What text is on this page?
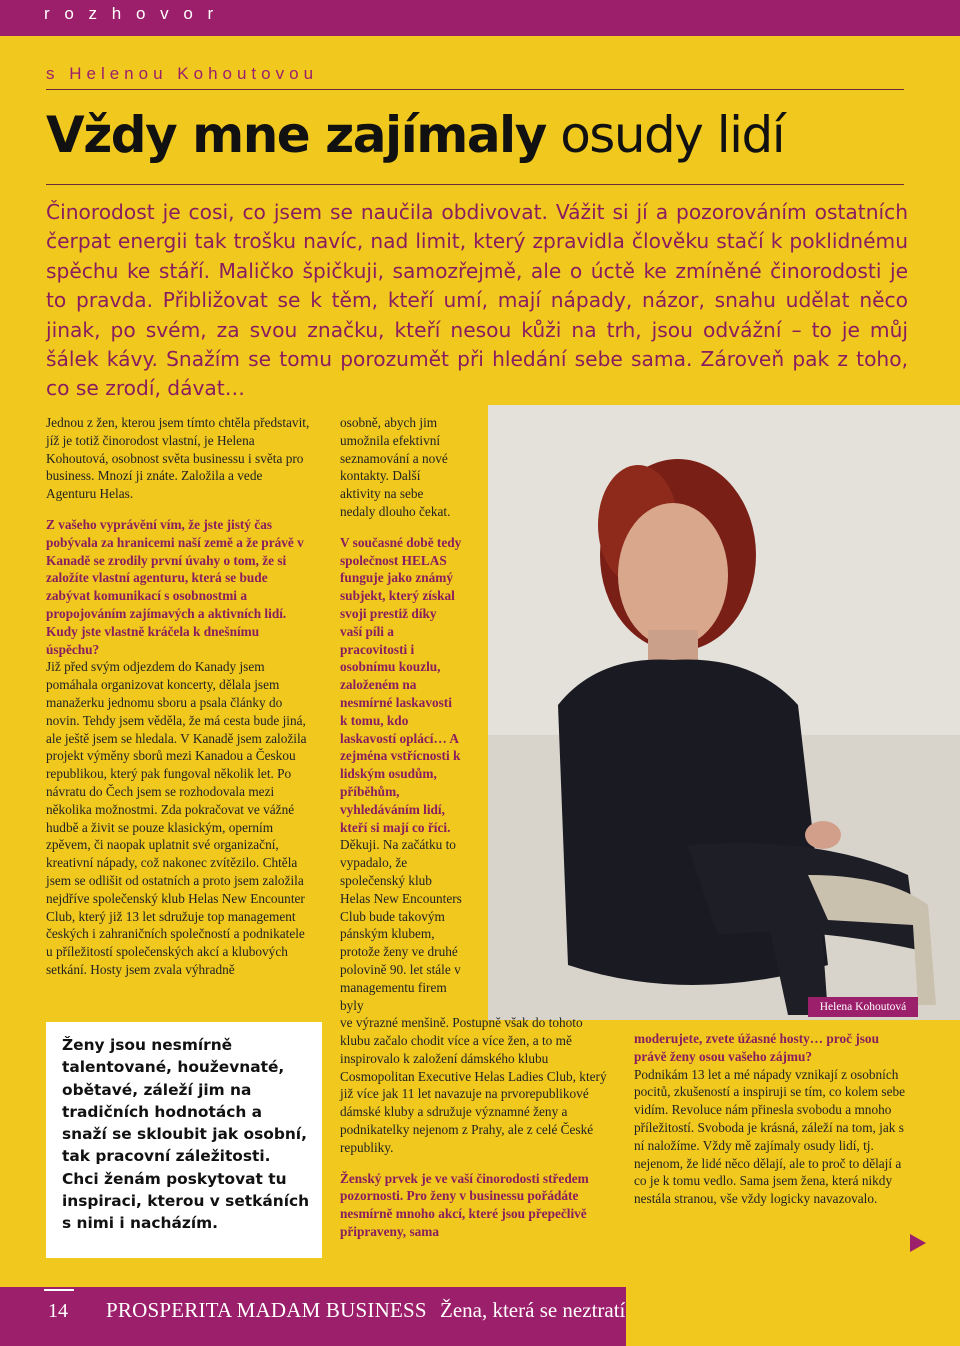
r o z h o v o r
s Helenou Kohoutovou
Vždy mne zajímaly osudy lidí
Činorodost je cosi, co jsem se naučila obdivovat. Vážit si jí a pozorováním ostatních čerpat energii tak trošku navíc, nad limit, který zpravidla člověku stačí k poklidnému spěchu ke stáří. Maličko špičkuji, samozřejmě, ale o úctě ke zmíněné činorodosti je to pravda. Přibližovat se k těm, kteří umí, mají nápady, názor, snahu udělat něco jinak, po svém, za svou značku, kteří nesou kůži na trh, jsou odvážní – to je můj šálek kávy. Snažím se tomu porozumět při hledání sebe sama. Zároveň pak z toho, co se zrodí, dávat…

Jednou z žen, kterou jsem tímto chtěla představit, jíž je totiž činorodost vlastní, je Helena Kohoutová, osobnost světa businessu i světa pro business. Mnozí ji znáte. Založila a vede Agenturu Helas.

Z vašeho vyprávění vím, že jste jistý čas pobývala za hranicemi naší země a že právě v Kanadě se zrodily první úvahy o tom, že si založíte vlastní agenturu, která se bude zabývat komunikací s osobnostmi a propojováním zajímavých a aktivních lidí. Kudy jste vlastně kráčela k dnešnímu úspěchu?

Již před svým odjezdem do Kanady jsem pomáhala organizovat koncerty, dělala jsem manažerku jednomu sboru a psala články do novin. Tehdy jsem věděla, že má cesta bude jiná, ale ještě jsem se hledala. V Kanadě jsem založila projekt výměny sborů mezi Kanadou a Českou republikou, který pak fungoval několik let. Po návratu do Čech jsem se rozhodovala mezi několika možnostmi. Zda pokračovat ve vážné hudbě a živit se pouze klasickým, operním zpěvem, či naopak uplatnit své organizační, kreativní nápady, což nakonec zvítězilo. Chtěla jsem se odlišit od ostatních a proto jsem založila nejdříve společenský klub Helas New Encounter Club, který již 13 let sdružuje top management českých i zahraničních společností a podnikatele u příležitostí společenských akcí a klubových setkání. Hosty jsem zvala výhradně

Helena Kohoutová

osobně, abych jim umožnila efektivní seznamování a nové kontakty. Další aktivity na sebe nedaly dlouho čekat.

V současné době tedy společnost HELAS funguje jako známý subjekt, který získal svoji prestiž díky vaší píli a pracovitosti i osobnímu kouzlu, založeném na nesmírné laskavosti k tomu, kdo laskavostí oplácí… A zejména vstřícnosti k lidským osudům, příběhům, vyhledáváním lidí, kteří si mají co říci.

Děkuji. Na začátku to vypadalo, že společenský klub Helas New Encounters Club bude takovým pánským klubem, protože ženy ve druhé polovině 90. let stále v managementu firem byly

ve výrazné menšině. Postupně však do tohoto klubu začalo chodit více a více žen, a to mě inspirovalo k založení dámského klubu Cosmopolitan Executive Helas Ladies Club, který již více jak 11 let navazuje na prvorepublikové dámské kluby a sdružuje významné ženy a podnikatelky nejenom z Prahy, ale z celé České republiky.

Ženský prvek je ve vaší činorodosti středem pozornosti. Pro ženy v businessu pořádáte nesmírně mnoho akcí, které jsou přepečlivě připraveny, sama

moderujete, zvete úžasné hosty… proč jsou právě ženy osou vašeho zájmu?

Podnikám 13 let a mé nápady vznikají z osobních pocitů, zkušeností a inspiruji se tím, co kolem sebe vidím. Revoluce nám přinesla svobodu a mnoho příležitostí. Svoboda je krásná, záleží na tom, jak s ní naložíme. Vždy mě zajímaly osudy lidí, tj. nejenom, že lidé něco dělají, ale to proč to dělají a co je k tomu vedlo. Sama jsem žena, která nikdy nestála stranou, vše vždy logicky navazovalo.

Ženy jsou nesmírně talentované, houževnaté, obětavé, záleží jim na tradičních hodnotách a snaží se skloubit jak osobní, tak pracovní záležitosti. Chci ženám poskytovat tu inspiraci, kterou v setkáních s nimi i nacházím.
14 PROSPERITA MADAM BUSINESS Žena, která se neztratí
